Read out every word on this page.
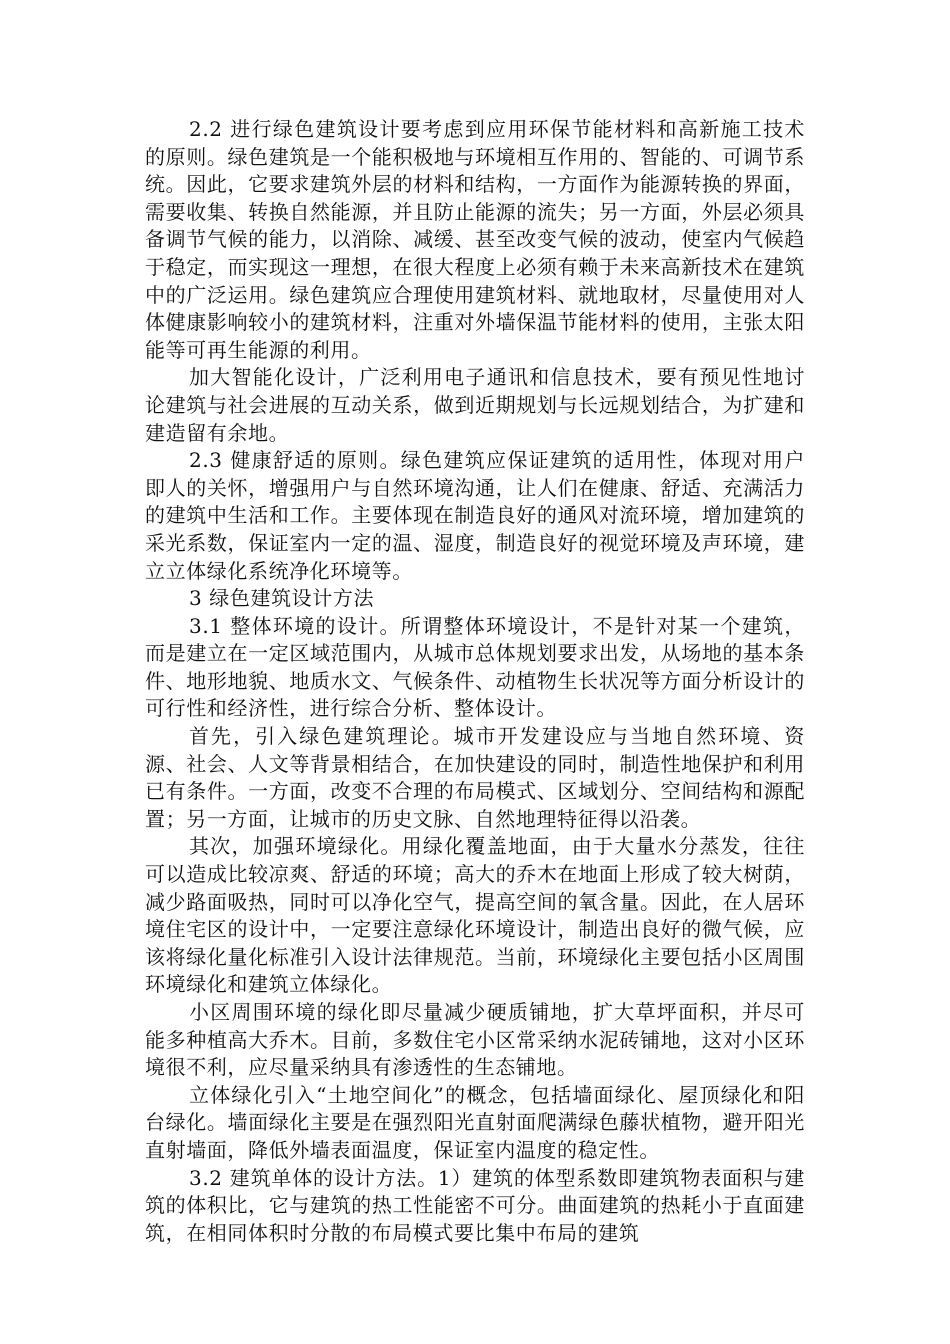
2.2 进行绿色建筑设计要考虑到应用环保节能材料和高新施工技术的原则。绿色建筑是一个能积极地与环境相互作用的、智能的、可调节系统。因此，它要求建筑外层的材料和结构，一方面作为能源转换的界面，需要收集、转换自然能源，并且防止能源的流失；另一方面，外层必须具备调节气候的能力，以消除、减缓、甚至改变气候的波动，使室内气候趋于稳定，而实现这一理想，在很大程度上必须有赖于未来高新技术在建筑中的广泛运用。绿色建筑应合理使用建筑材料、就地取材，尽量使用对人体健康影响较小的建筑材料，注重对外墙保温节能材料的使用，主张太阳能等可再生能源的利用。

加大智能化设计，广泛利用电子通讯和信息技术，要有预见性地讨论建筑与社会进展的互动关系，做到近期规划与长远规划结合，为扩建和建造留有余地。

2.3 健康舒适的原则。绿色建筑应保证建筑的适用性，体现对用户即人的关怀，增强用户与自然环境沟通，让人们在健康、舒适、充满活力的建筑中生活和工作。主要体现在制造良好的通风对流环境，增加建筑的采光系数，保证室内一定的温、湿度，制造良好的视觉环境及声环境，建立立体绿化系统净化环境等。

3 绿色建筑设计方法

3.1 整体环境的设计。所谓整体环境设计，不是针对某一个建筑，而是建立在一定区域范围内，从城市总体规划要求出发，从场地的基本条件、地形地貌、地质水文、气候条件、动植物生长状况等方面分析设计的可行性和经济性，进行综合分析、整体设计。

首先，引入绿色建筑理论。城市开发建设应与当地自然环境、资源、社会、人文等背景相结合，在加快建设的同时，制造性地保护和利用已有条件。一方面，改变不合理的布局模式、区域划分、空间结构和源配置；另一方面，让城市的历史文脉、自然地理特征得以沿袭。

其次，加强环境绿化。用绿化覆盖地面，由于大量水分蒸发，往往可以造成比较凉爽、舒适的环境；高大的乔木在地面上形成了较大树荫，减少路面吸热，同时可以净化空气，提高空间的氧含量。因此，在人居环境住宅区的设计中，一定要注意绿化环境设计，制造出良好的微气候，应该将绿化量化标准引入设计法律规范。当前，环境绿化主要包括小区周围环境绿化和建筑立体绿化。

小区周围环境的绿化即尽量减少硬质铺地，扩大草坪面积，并尽可能多种植高大乔木。目前，多数住宅小区常采纳水泥砖铺地，这对小区环境很不利，应尽量采纳具有渗透性的生态铺地。

立体绿化引入“土地空间化”的概念，包括墙面绿化、屋顶绿化和阳台绿化。墙面绿化主要是在强烈阳光直射面爬满绿色藤状植物，避开阳光直射墙面，降低外墙表面温度，保证室内温度的稳定性。

3.2 建筑单体的设计方法。1）建筑的体型系数即建筑物表面积与建筑的体积比，它与建筑的热工性能密不可分。曲面建筑的热耗小于直面建筑，在相同体积时分散的布局模式要比集中布局的建筑
